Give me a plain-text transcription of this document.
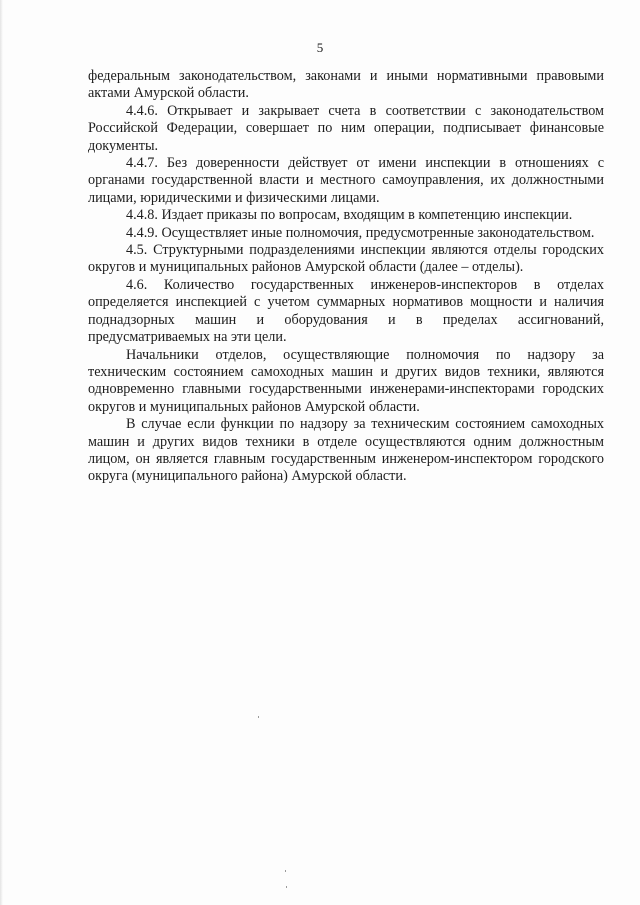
5

федеральным законодательством, законами и иными нормативными правовыми актами Амурской области.

4.4.6. Открывает и закрывает счета в соответствии с законодательством Российской Федерации, совершает по ним операции, подписывает финансовые документы.

4.4.7. Без доверенности действует от имени инспекции в отношениях с органами государственной власти и местного самоуправления, их должностными лицами, юридическими и физическими лицами.

4.4.8. Издает приказы по вопросам, входящим в компетенцию инспекции.

4.4.9. Осуществляет иные полномочия, предусмотренные законодательством.

4.5. Структурными подразделениями инспекции являются отделы городских округов и муниципальных районов Амурской области (далее – отделы).

4.6. Количество государственных инженеров-инспекторов в отделах определяется инспекцией с учетом суммарных нормативов мощности и наличия поднадзорных машин и оборудования и в пределах ассигнований, предусматриваемых на эти цели.

Начальники отделов, осуществляющие полномочия по надзору за техническим состоянием самоходных машин и других видов техники, являются одновременно главными государственными инженерами-инспекторами городских округов и муниципальных районов Амурской области.

В случае если функции по надзору за техническим состоянием самоходных машин и других видов техники в отделе осуществляются одним должностным лицом, он является главным государственным инженером-инспектором городского округа (муниципального района) Амурской области.
